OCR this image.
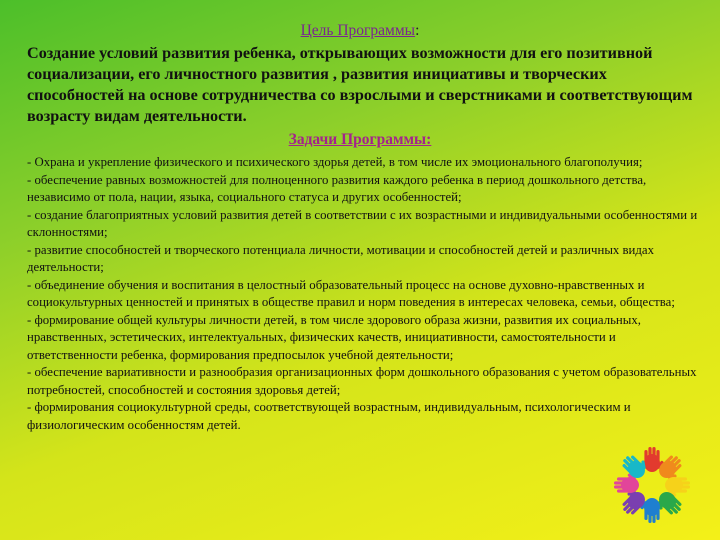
Цель Программы:
Создание условий развития ребенка, открывающих возможности для его позитивной социализации, его личностного развития , развития инициативы и творческих способностей на основе сотрудничества со взрослыми и сверстниками и соответствующим возрасту видам деятельности.
Задачи Программы:

- Охрана и укрепление физического и психического здорья детей, в том числе их эмоционального благополучия;

- обеспечение равных возможностей для полноценного развития каждого ребенка в период дошкольного детства, независимо от пола, нации, языка, социального статуса и других особенностей;

- создание благоприятных условий развития детей в соответствии с их возрастными и индивидуальными особенностями и склонностями;

- развитие способностей и творческого потенциала личности, мотивации и способностей детей и различных видах деятельности;

- объединение обучения и воспитания в целостный образовательный процесс на основе духовно-нравственных и социокультурных ценностей и принятых в обществе правил и норм поведения в интересах человека, семьи, общества;

- формирование общей культуры личности детей, в том числе здорового образа жизни, развития их социальных, нравственных, эстетических, интелектуальных, физических качеств, инициативности, самостоятельности и ответственности ребенка, формирования предпосылок учебной деятельности;

- обеспечение вариативности и разнообразия организационных форм дошкольного образования с учетом образовательных потребностей, способностей и состояния здоровья детей;

- формирования социокультурной среды, соответствующей возрастным, индивидуальным, психологическим и физиологическим особенностям детей.
